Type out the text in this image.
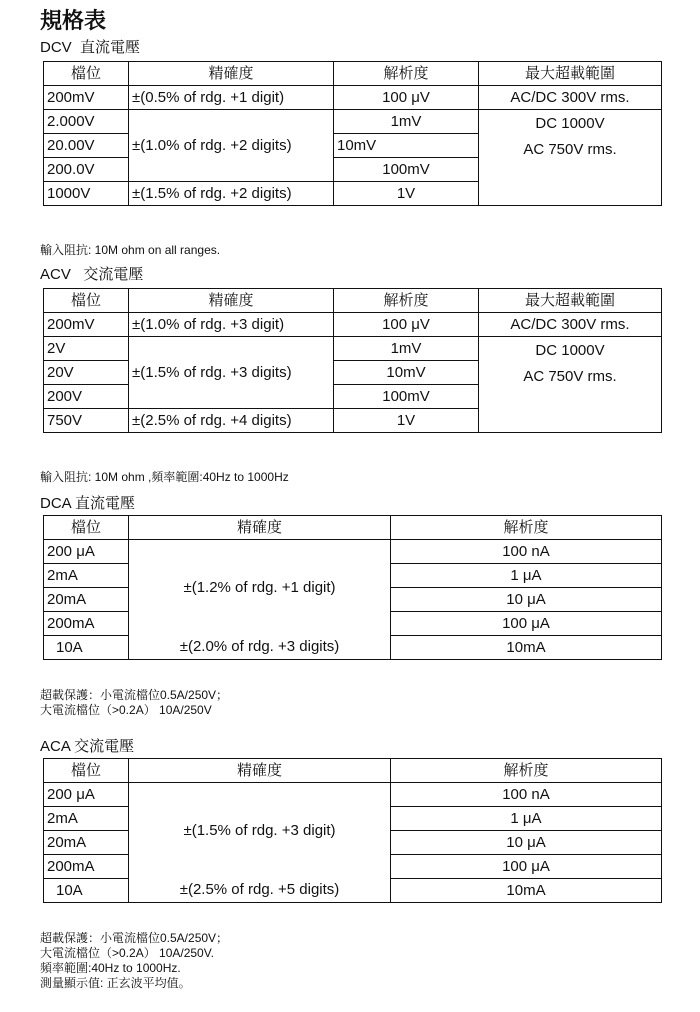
規格表
DCV  直流電壓
檔位	精確度	解析度	最大超載範圍
200mV	±(0.5% of rdg. +1 digit)	100 μV	AC/DC 300V rms.
2.000V	±(1.0% of rdg. +2 digits)	1mV	DC 1000V
AC 750V rms.

20.00V		10mV	
200.0V		100mV	
1000V	±(1.5% of rdg. +2 digits)	1V	
輸入阻抗: 10M ohm on all ranges.
ACV   交流電壓
檔位	精確度	解析度	最大超載範圍
200mV	±(1.0% of rdg. +3 digit)	100 μV	AC/DC 300V rms.
2V	±(1.5% of rdg. +3 digits)	1mV	DC 1000V
AC 750V rms.

20V		10mV	
200V		100mV	
750V	±(2.5% of rdg. +4 digits)	1V	
輸入阻抗: 10M ohm ,頻率範圍:40Hz to 1000Hz
DCA 直流電壓
檔位	精確度	解析度
200 μA	±(1.2% of rdg. +1 digit)	100 nA
2mA		1 μA
20mA		10 μA
200mA		100 μA
10A	±(2.0% of rdg. +3 digits)	10mA
超載保護：小電流檔位0.5A/250V；
大電流檔位（>0.2A） 10A/250V
ACA 交流電壓
檔位	精確度	解析度
200 μA	±(1.5% of rdg. +3 digit)	100 nA
2mA		1 μA
20mA		10 μA
200mA		100 μA
10A	±(2.5% of rdg. +5 digits)	10mA
超載保護：小電流檔位0.5A/250V；
大電流檔位（>0.2A） 10A/250V.
頻率範圍:40Hz to 1000Hz.
測量顯示值: 正玄波平均值。
